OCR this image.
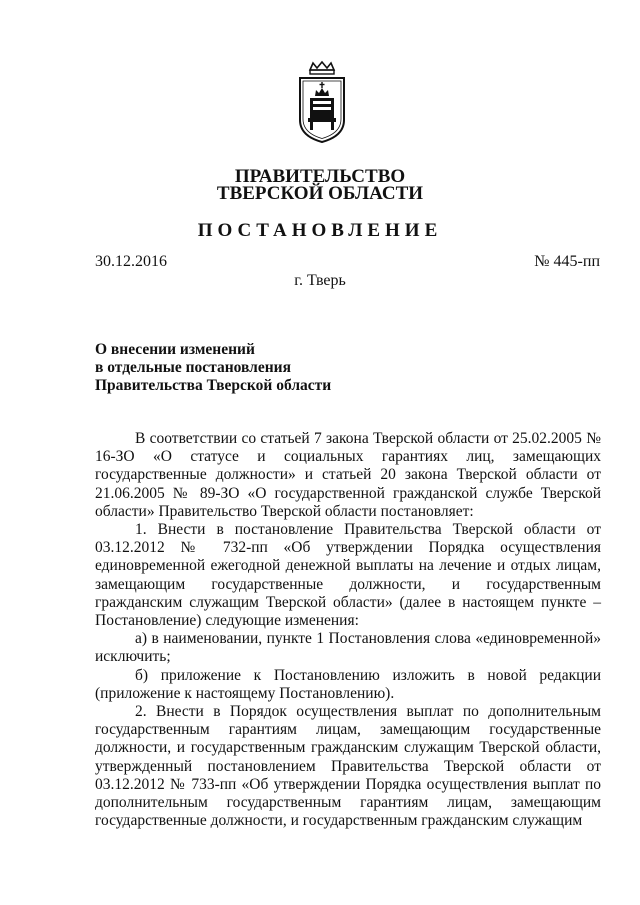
ПРАВИТЕЛЬСТВО
ТВЕРСКОЙ ОБЛАСТИ
ПОСТАНОВЛЕНИЕ
30.12.2016	№ 445-пп
г. Тверь
О внесении изменений
в отдельные постановления
Правительства Тверской области

В соответствии со статьей 7 закона Тверской области от 25.02.2005 № 16-ЗО «О статусе и социальных гарантиях лиц, замещающих государственные должности» и статьей 20 закона Тверской области от 21.06.2005 № 89-ЗО «О государственной гражданской службе Тверской области» Правительство Тверской области постановляет:

1. Внести в постановление Правительства Тверской области от 03.12.2012 № 732-пп «Об утверждении Порядка осуществления единовременной ежегодной денежной выплаты на лечение и отдых лицам, замещающим государственные должности, и государственным гражданским служащим Тверской области» (далее в настоящем пункте – Постановление) следующие изменения:

а) в наименовании, пункте 1 Постановления слова «единовременной» исключить;

б) приложение к Постановлению изложить в новой редакции (приложение к настоящему Постановлению).

2. Внести в Порядок осуществления выплат по дополнительным государственным гарантиям лицам, замещающим государственные должности, и государственным гражданским служащим Тверской области, утвержденный постановлением Правительства Тверской области от 03.12.2012 № 733-пп «Об утверждении Порядка осуществления выплат по дополнительным государственным гарантиям лицам, замещающим государственные должности, и государственным гражданским служащим
